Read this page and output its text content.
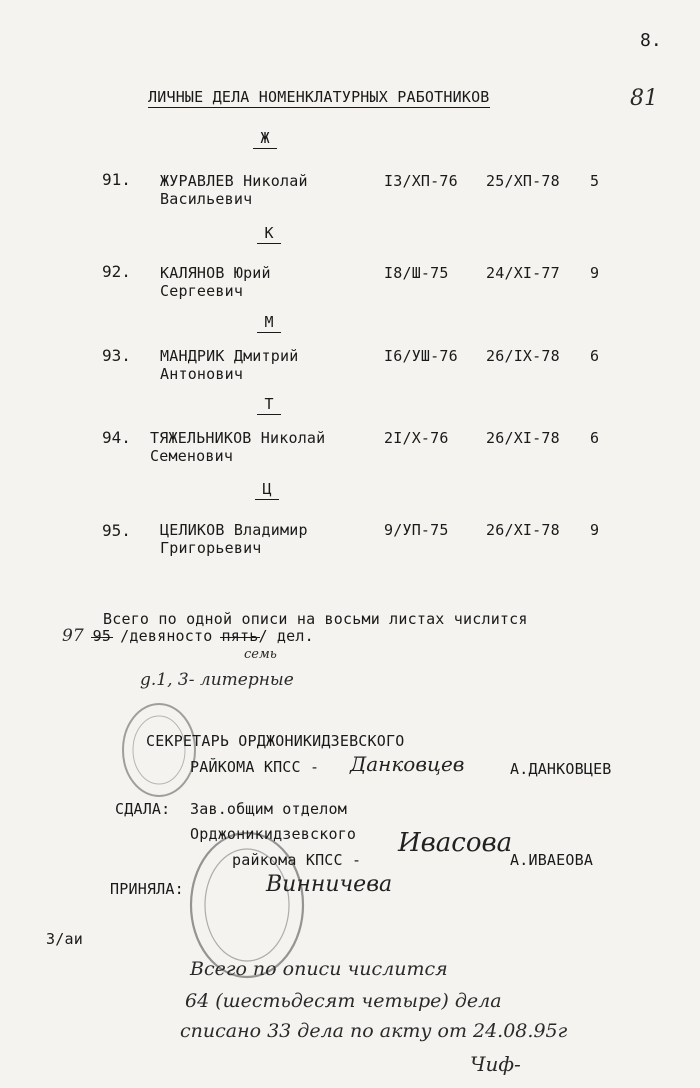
8.
81
ЛИЧНЫЕ ДЕЛА НОМЕНКЛАТУРНЫХ РАБОТНИКОВ
Ж
91. ЖУРАВЛЕВ Николай
Васильевич
I3/XП-76 25/XП-78 5
К
92. КАЛЯНОВ Юрий
Сергеевич
I8/Ш-75 24/XI-77 9
М
93. МАНДРИК Дмитрий
Антонович
I6/УШ-76 26/IX-78 6
Т
94. ТЯЖЕЛЬНИКОВ Николай
Семенович
2I/X-76 26/XI-78 6
Ц
95. ЦЕЛИКОВ Владимир
Григорьевич
9/УП-75 26/XI-78 9
Всего по одной описи на восьми листах числится
97 95 /девяносто пять/ дел.
семь
g.1, 3- литерные
СЕКРЕТАРЬ ОРДЖОНИКИДЗЕВСКОГО
РАЙКОМА КПСС - Данковцев	А.ДАНКОВЦЕВ
СДАЛА: Зав.общим отделом
Орджоникидзевского
райкома КПСС -
Ивасова
А.ИВАЕОВА
ПРИНЯЛА:	Винничева
3/аи
Всего по описи числится
64 (шестьдесят четыре) дела
списано 33 дела по акту от 24.08.95г
Чиф-
